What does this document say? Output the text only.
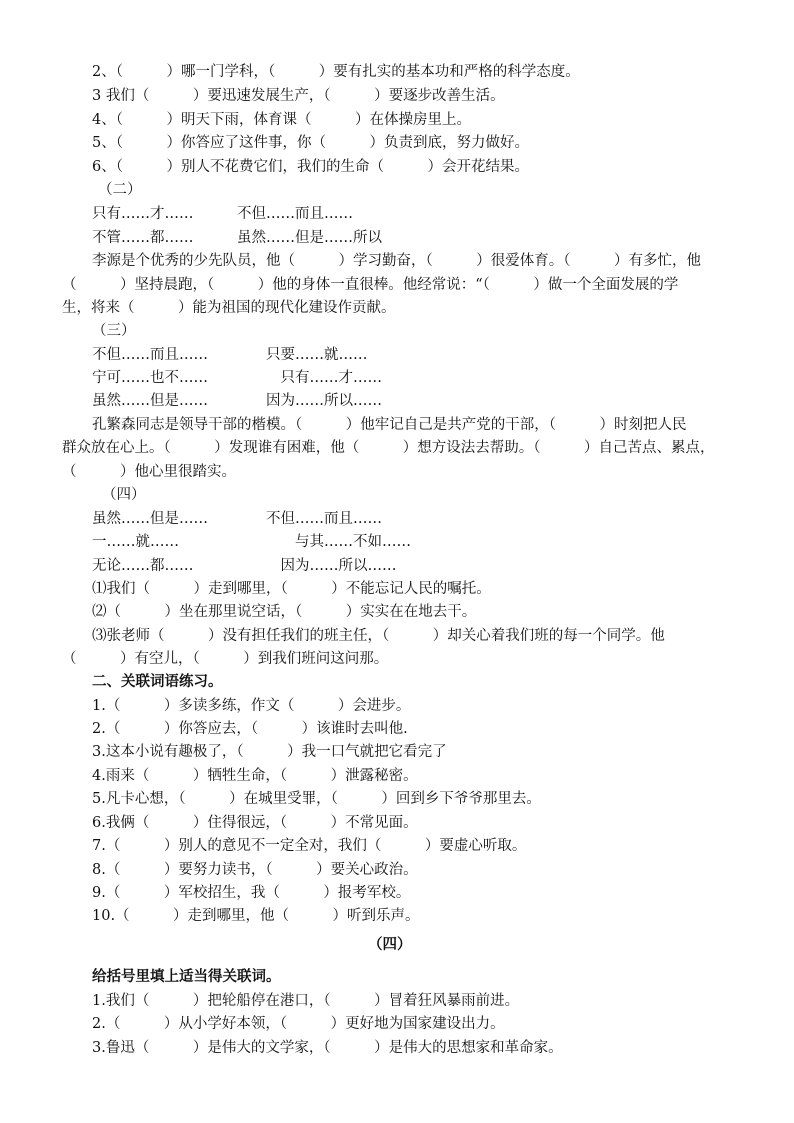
2、（　　　）哪一门学科，（　　　）要有扎实的基本功和严格的科学态度。
3 我们（　　　）要迅速发展生产，（　　　）要逐步改善生活。
4、（　　　）明天下雨，体育课（　　　）在体操房里上。
5、（　　　）你答应了这件事，你（　　　）负责到底，努力做好。
6、（　　　）别人不花费它们，我们的生命（　　　）会开花结果。
（二）
只有……才……　　　不但……而且……
不管……都……　　　虽然……但是……所以
李源是个优秀的少先队员，他（　　　）学习勤奋，（　　　）很爱体育。（　　　）有多忙，他
（　　　）坚持晨跑，（　　　）他的身体一直很棒。他经常说：“（　　　）做一个全面发展的学
生，将来（　　　）能为祖国的现代化建设作贡献。
（三）
不但……而且……　　　　只要……就……
宁可……也不……　　　　　只有……才……
虽然……但是……　　　　因为……所以……
孔繁森同志是领导干部的楷模。（　　　）他牢记自己是共产党的干部，（　　　）时刻把人民
群众放在心上。（　　　）发现谁有困难，他（　　　）想方设法去帮助。（　　　）自己苦点、累点，
（　　　）他心里很踏实。
（四）
虽然……但是……　　　　不但……而且……
一……就……　　　　　　　　与其……不如……
无论……都……　　　　　　因为……所以……
⑴我们（　　　）走到哪里，（　　　）不能忘记人民的嘱托。
⑵（　　　）坐在那里说空话，（　　　）实实在在地去干。
⑶张老师（　　　）没有担任我们的班主任，（　　　）却关心着我们班的每一个同学。他
（　　　）有空儿，（　　　）到我们班问这问那。
二、关联词语练习。
1.（　　　）多读多练，作文（　　　）会进步。
2.（　　　）你答应去，（　　　）该谁时去叫他.
3.这本小说有趣极了，（　　　）我一口气就把它看完了
4.雨来（　　　）牺牲生命，（　　　）泄露秘密。
5.凡卡心想，（　　　）在城里受罪，（　　　）回到乡下爷爷那里去。
6.我俩（　　　）住得很远，（　　　）不常见面。
7.（　　　）别人的意见不一定全对，我们（　　　）要虚心听取。
8.（　　　）要努力读书，（　　　）要关心政治。
9.（　　　）军校招生，我（　　　）报考军校。
10.（　　　）走到哪里，他（　　　）听到乐声。
（四）
给括号里填上适当得关联词。
1.我们（　　　）把轮船停在港口，（　　　）冒着狂风暴雨前进。
2.（　　　）从小学好本领，（　　　）更好地为国家建设出力。
3.鲁迅（　　　）是伟大的文学家，（　　　）是伟大的思想家和革命家。
